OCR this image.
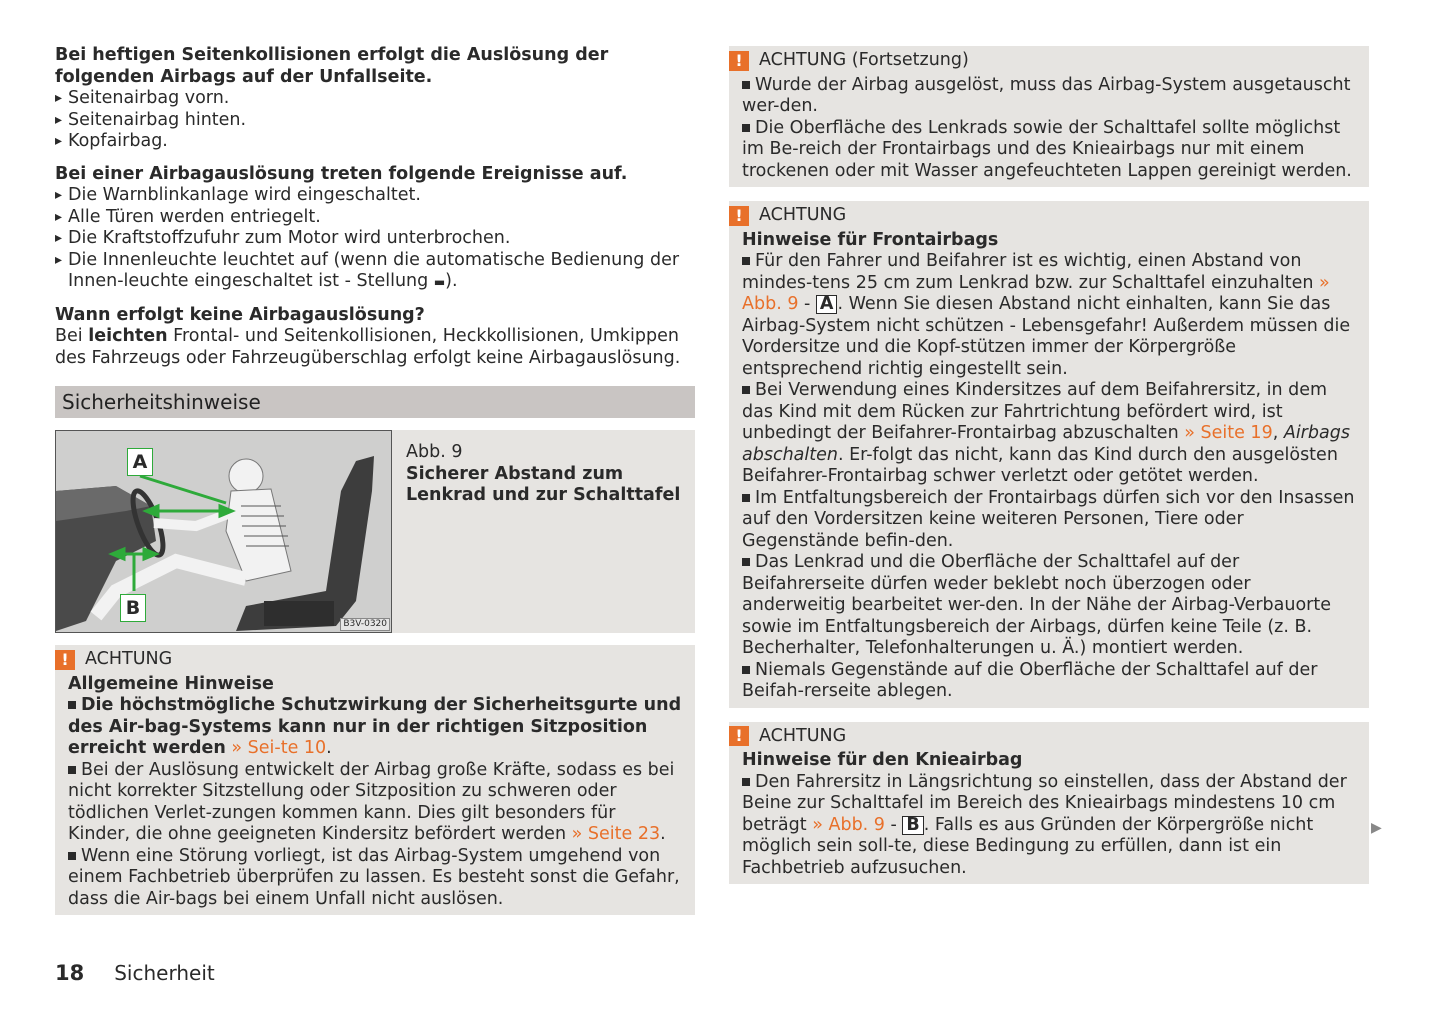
Bei heftigen Seitenkollisionen erfolgt die Auslösung der folgenden Airbags auf der Unfallseite.

▸ Seitenairbag vorn.

▸ Seitenairbag hinten.

▸ Kopfairbag.

Bei einer Airbagauslösung treten folgende Ereignisse auf.

▸ Die Warnblinkanlage wird eingeschaltet.

▸ Alle Türen werden entriegelt.

▸ Die Kraftstoffzufuhr zum Motor wird unterbrochen.

▸ Die Innenleuchte leuchtet auf (wenn die automatische Bedienung der Innen-leuchte eingeschaltet ist - Stellung ▬).

Wann erfolgt keine Airbagauslösung?

Bei leichten Frontal- und Seitenkollisionen, Heckkollisionen, Umkippen des Fahrzeugs oder Fahrzeugüberschlag erfolgt keine Airbagauslösung.

Sicherheitshinweise
A
B
B3V-0320

Abb. 9

Sicherer Abstand zum Lenkrad und zur Schalttafel

! ACHTUNG

Allgemeine Hinweise

Die höchstmögliche Schutzwirkung der Sicherheitsgurte und des Air-bag-Systems kann nur in der richtigen Sitzposition erreicht werden » Sei-te 10.

Bei der Auslösung entwickelt der Airbag große Kräfte, sodass es bei nicht korrekter Sitzstellung oder Sitzposition zu schweren oder tödlichen Verlet-zungen kommen kann. Dies gilt besonders für Kinder, die ohne geeigneten Kindersitz befördert werden » Seite 23.

Wenn eine Störung vorliegt, ist das Airbag-System umgehend von einem Fachbetrieb überprüfen zu lassen. Es besteht sonst die Gefahr, dass die Air-bags bei einem Unfall nicht auslösen.

! ACHTUNG (Fortsetzung)

Wurde der Airbag ausgelöst, muss das Airbag-System ausgetauscht wer-den.

Die Oberfläche des Lenkrads sowie der Schalttafel sollte möglichst im Be-reich der Frontairbags und des Knieairbags nur mit einem trockenen oder mit Wasser angefeuchteten Lappen gereinigt werden.

! ACHTUNG

Hinweise für Frontairbags

Für den Fahrer und Beifahrer ist es wichtig, einen Abstand von mindes-tens 25 cm zum Lenkrad bzw. zur Schalttafel einzuhalten » Abb. 9 - A . Wenn Sie diesen Abstand nicht einhalten, kann Sie das Airbag-System nicht schützen - Lebensgefahr! Außerdem müssen die Vordersitze und die Kopf-stützen immer der Körpergröße entsprechend richtig eingestellt sein.

Bei Verwendung eines Kindersitzes auf dem Beifahrersitz, in dem das Kind mit dem Rücken zur Fahrtrichtung befördert wird, ist unbedingt der Beifahrer-Frontairbag abzuschalten » Seite 19, Airbags abschalten. Er-folgt das nicht, kann das Kind durch den ausgelösten Beifahrer-Frontairbag schwer verletzt oder getötet werden.

Im Entfaltungsbereich der Frontairbags dürfen sich vor den Insassen auf den Vordersitzen keine weiteren Personen, Tiere oder Gegenstände befin-den.

Das Lenkrad und die Oberfläche der Schalttafel auf der Beifahrerseite dürfen weder beklebt noch überzogen oder anderweitig bearbeitet wer-den. In der Nähe der Airbag-Verbauorte sowie im Entfaltungsbereich der Airbags, dürfen keine Teile (z. B. Becherhalter, Telefonhalterungen u. Ä.) montiert werden.

Niemals Gegenstände auf die Oberfläche der Schalttafel auf der Beifah-rerseite ablegen.

! ACHTUNG

Hinweise für den Knieairbag

Den Fahrersitz in Längsrichtung so einstellen, dass der Abstand der Beine zur Schalttafel im Bereich des Knieairbags mindestens 10 cm beträgt » Abb. 9 - B . Falls es aus Gründen der Körpergröße nicht möglich sein soll-te, diese Bedingung zu erfüllen, dann ist ein Fachbetrieb aufzusuchen.

▶
18 Sicherheit
